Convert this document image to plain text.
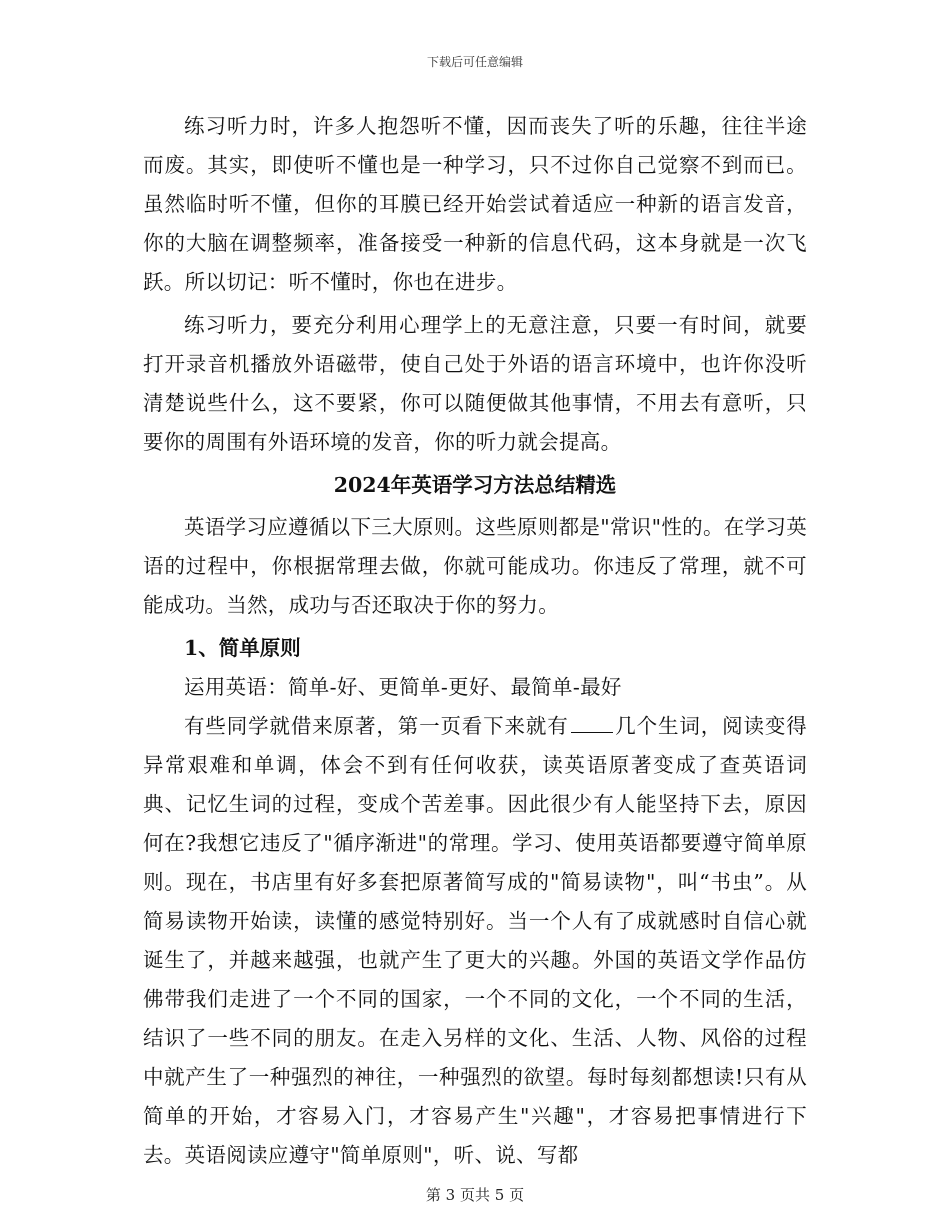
下载后可任意编辑

练习听力时，许多人抱怨听不懂，因而丧失了听的乐趣，往往半途而废。其实，即使听不懂也是一种学习，只不过你自己觉察不到而已。虽然临时听不懂，但你的耳膜已经开始尝试着适应一种新的语言发音，你的大脑在调整频率，准备接受一种新的信息代码，这本身就是一次飞跃。所以切记：听不懂时，你也在进步。

练习听力，要充分利用心理学上的无意注意，只要一有时间，就要打开录音机播放外语磁带，使自己处于外语的语言环境中，也许你没听清楚说些什么，这不要紧，你可以随便做其他事情，不用去有意听，只要你的周围有外语环境的发音，你的听力就会提高。

2024年英语学习方法总结精选

英语学习应遵循以下三大原则。这些原则都是"常识"性的。在学习英语的过程中，你根据常理去做，你就可能成功。你违反了常理，就不可能成功。当然，成功与否还取决于你的努力。

1、简单原则

运用英语：简单-好、更简单-更好、最简单-最好

有些同学就借来原著，第一页看下来就有 几个生词，阅读变得异常艰难和单调，体会不到有任何收获，读英语原著变成了查英语词典、记忆生词的过程，变成个苦差事。因此很少有人能坚持下去，原因何在?我想它违反了"循序渐进"的常理。学习、使用英语都要遵守简单原则。现在，书店里有好多套把原著简写成的"简易读物"，叫“书虫”。从简易读物开始读，读懂的感觉特别好。当一个人有了成就感时自信心就诞生了，并越来越强，也就产生了更大的兴趣。外国的英语文学作品仿佛带我们走进了一个不同的国家，一个不同的文化，一个不同的生活，结识了一些不同的朋友。在走入另样的文化、生活、人物、风俗的过程中就产生了一种强烈的神往，一种强烈的欲望。每时每刻都想读!只有从简单的开始，才容易入门，才容易产生"兴趣"，才容易把事情进行下去。英语阅读应遵守"简单原则"，听、说、写都

第 3 页共 5 页
